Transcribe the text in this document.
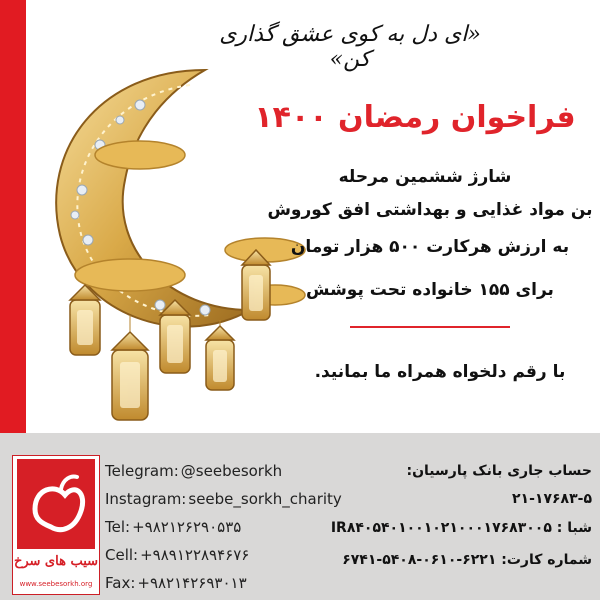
«ای دل به کوی عشق گذاری کن»
فراخوان رمضان ۱۴۰۰
شارژ ششمین مرحله
بن مواد غذایی و بهداشتی افق کوروش
به ارزش هرکارت ۵۰۰ هزار تومان
برای ۱۵۵ خانواده تحت پوشش
با رقم دلخواه همراه ما بمانید.
سیب های سرخ
www.seebesorkh.org
Telegram: @seebesorkh
Instagram: seebe_sorkh_charity
Tel: +۹۸۲۱۲۶۲۹۰۵۳۵
Cell: +۹۸۹۱۲۲۸۹۴۶۷۶
Fax: +۹۸۲۱۴۲۶۹۳۰۱۳
حساب جاری بانک پارسیان:
۲۱-۱۷۶۸۳-۵
شبا : IR۸۴۰۵۴۰۱۰۰۱۰۲۱۰۰۰۱۷۶۸۳۰۰۵
شماره کارت: ۶۲۲۱-۰۶۱۰-۵۴۰۸-۶۷۴۱
